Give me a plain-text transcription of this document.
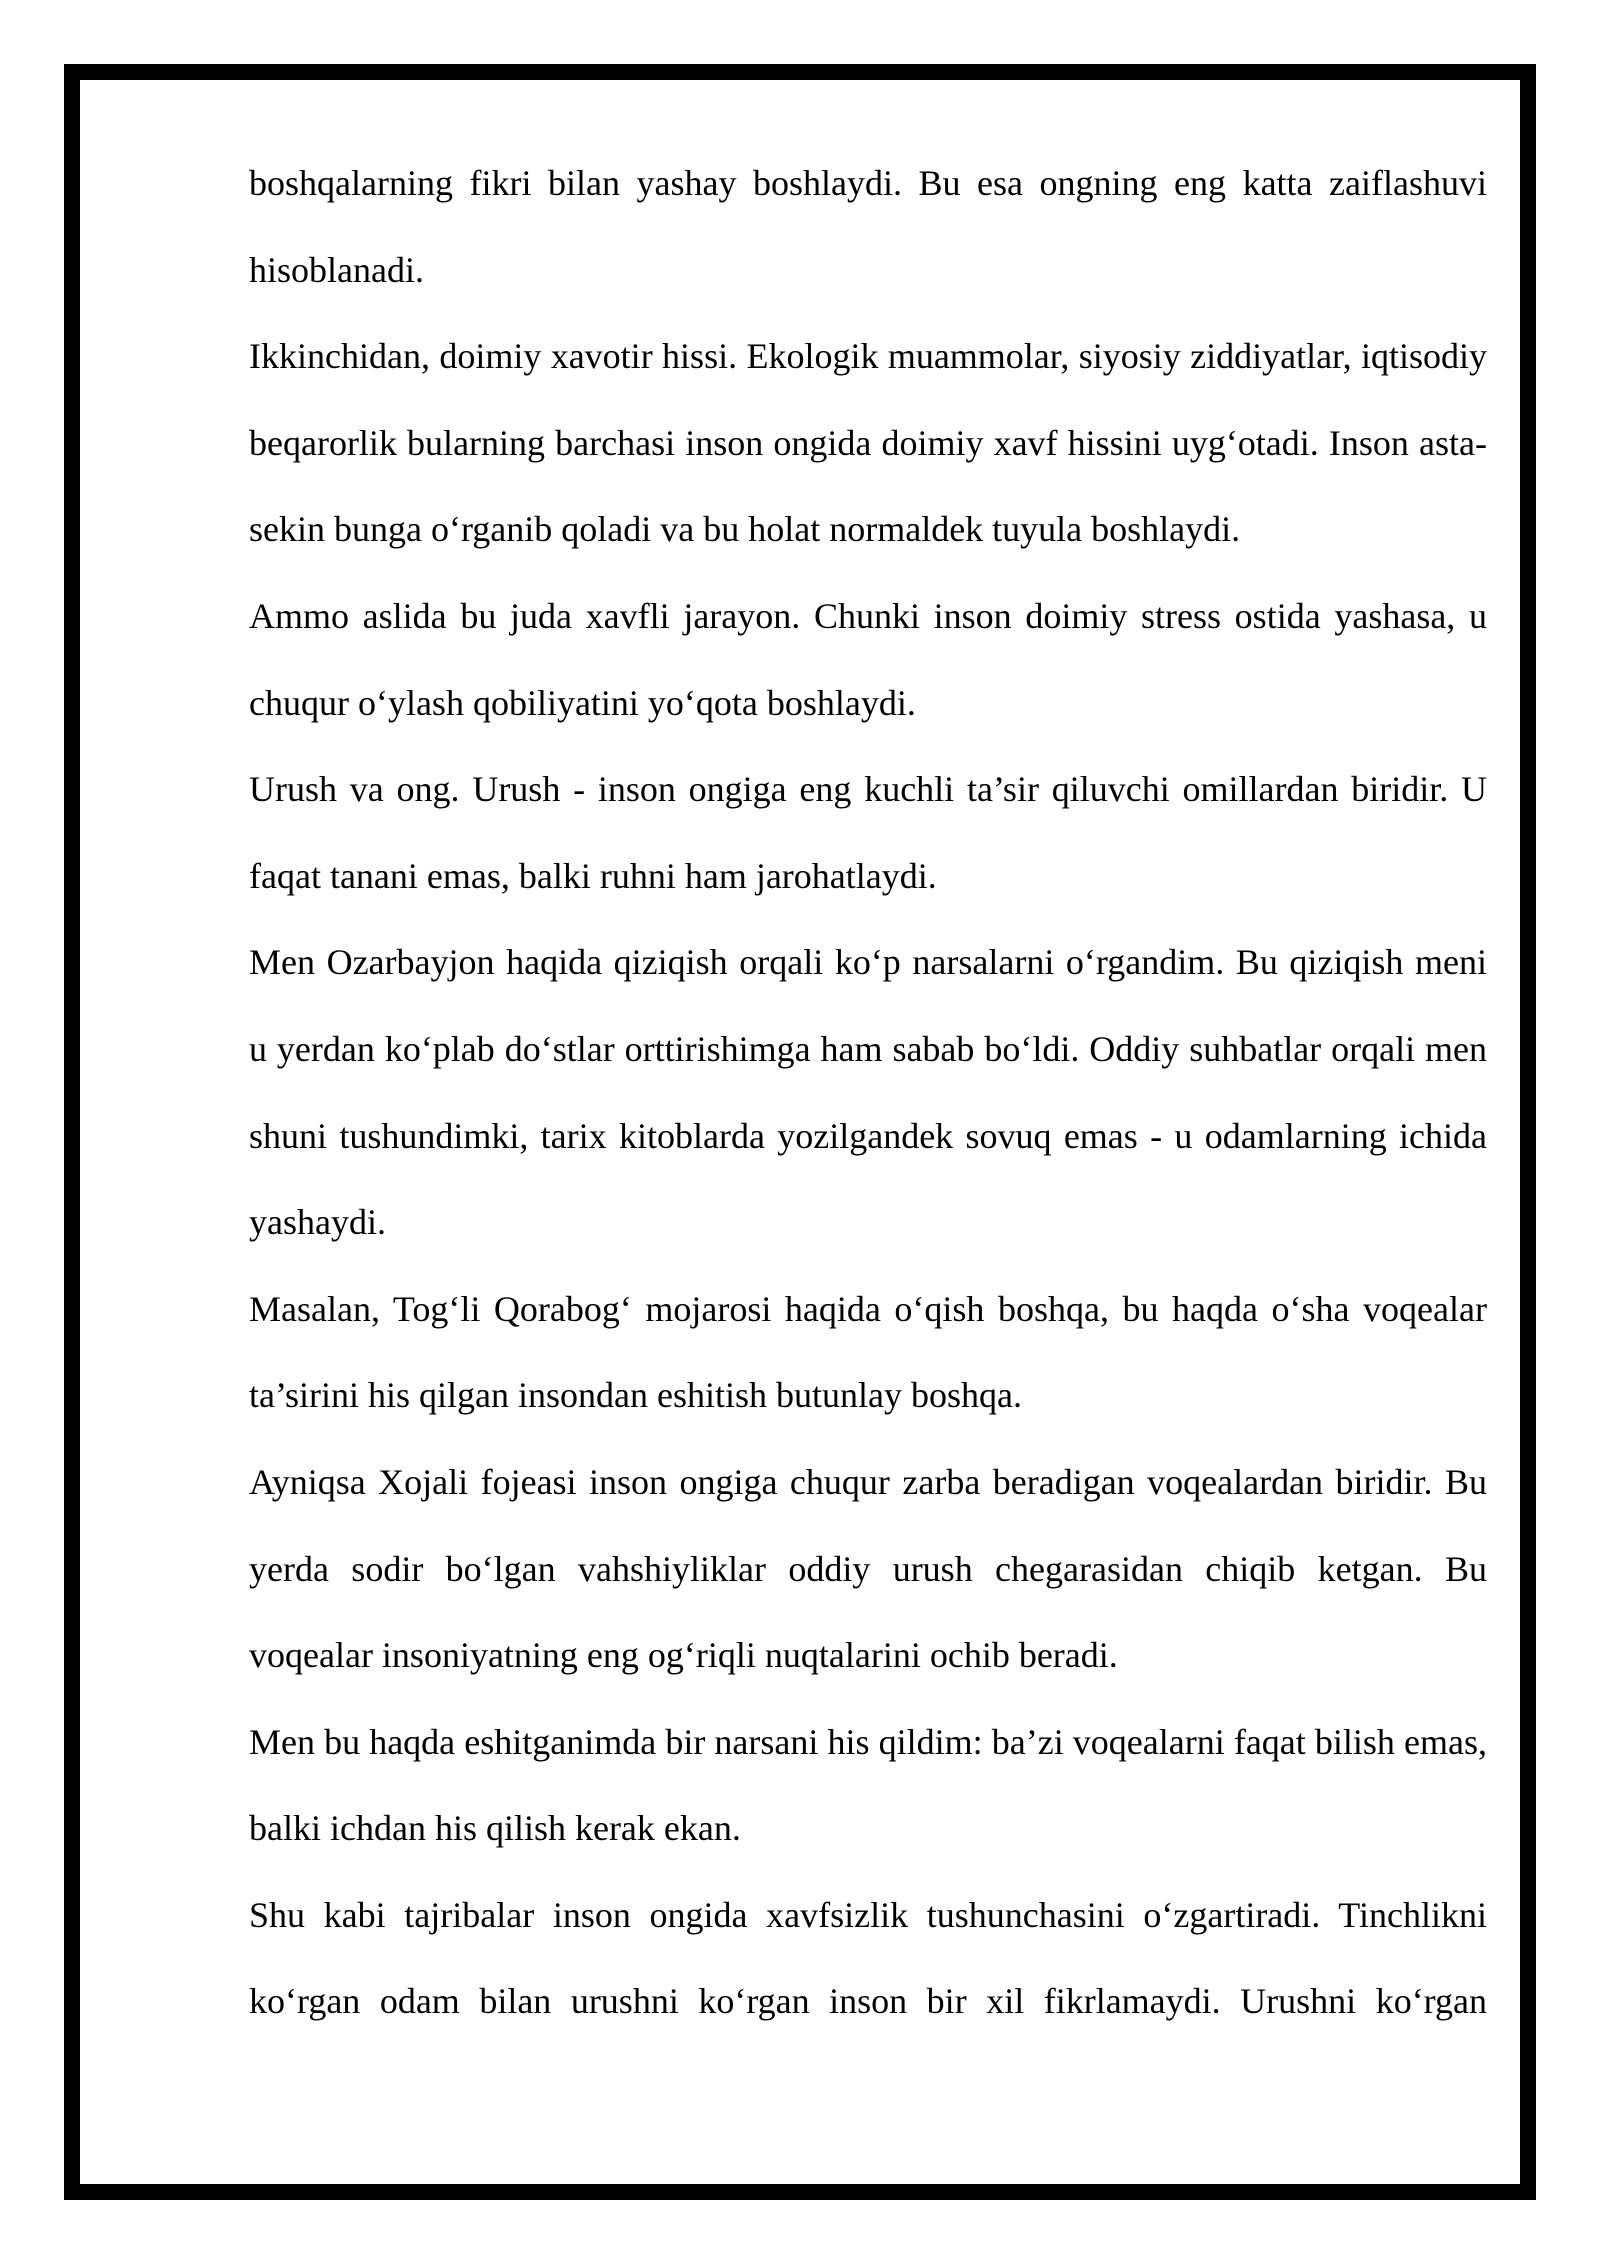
boshqalarning fikri bilan yashay boshlaydi. Bu esa ongning eng katta zaiflashuvi hisoblanadi.

Ikkinchidan, doimiy xavotir hissi. Ekologik muammolar, siyosiy ziddiyatlar, iqtisodiy beqarorlik bularning barchasi inson ongida doimiy xavf hissini uyg‘otadi. Inson asta-sekin bunga o‘rganib qoladi va bu holat normaldek tuyula boshlaydi.

Ammo aslida bu juda xavfli jarayon. Chunki inson doimiy stress ostida yashasa, u chuqur o‘ylash qobiliyatini yo‘qota boshlaydi.

Urush va ong. Urush - inson ongiga eng kuchli ta’sir qiluvchi omillardan biridir. U faqat tanani emas, balki ruhni ham jarohatlaydi.

Men Ozarbayjon haqida qiziqish orqali ko‘p narsalarni o‘rgandim. Bu qiziqish meni u yerdan ko‘plab do‘stlar orttirishimga ham sabab bo‘ldi. Oddiy suhbatlar orqali men shuni tushundimki, tarix kitoblarda yozilgandek sovuq emas - u odamlarning ichida yashaydi.

Masalan, Tog‘li Qorabog‘ mojarosi haqida o‘qish boshqa, bu haqda o‘sha voqealar ta’sirini his qilgan insondan eshitish butunlay boshqa.

Ayniqsa Xojali fojeasi inson ongiga chuqur zarba beradigan voqealardan biridir. Bu yerda sodir bo‘lgan vahshiyliklar oddiy urush chegarasidan chiqib ketgan. Bu voqealar insoniyatning eng og‘riqli nuqtalarini ochib beradi.

Men bu haqda eshitganimda bir narsani his qildim: ba’zi voqealarni faqat bilish emas, balki ichdan his qilish kerak ekan.

Shu kabi tajribalar inson ongida xavfsizlik tushunchasini o‘zgartiradi. Tinchlikni ko‘rgan odam bilan urushni ko‘rgan inson bir xil fikrlamaydi. Urushni ko‘rgan
